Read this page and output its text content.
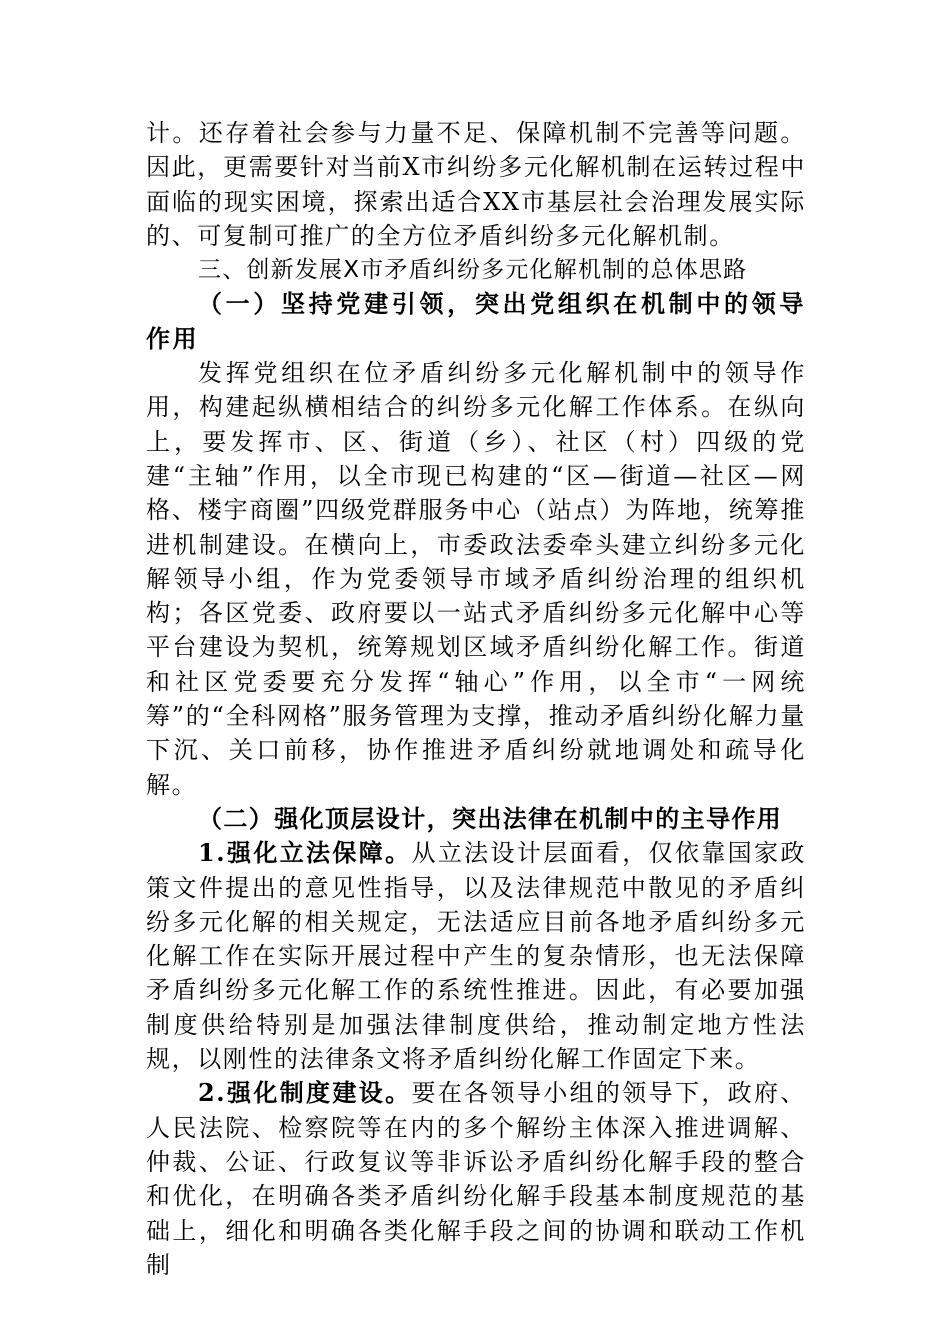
计。还存着社会参与力量不足、保障机制不完善等问题。因此，更需要针对当前X市纠纷多元化解机制在运转过程中面临的现实困境，探索出适合XX市基层社会治理发展实际的、可复制可推广的全方位矛盾纠纷多元化解机制。

三、创新发展X市矛盾纠纷多元化解机制的总体思路

（一）坚持党建引领，突出党组织在机制中的领导作用

发挥党组织在位矛盾纠纷多元化解机制中的领导作用，构建起纵横相结合的纠纷多元化解工作体系。在纵向上，要发挥市、区、街道（乡）、社区（村）四级的党建“主轴”作用，以全市现已构建的“区—街道—社区—网格、楼宇商圈”四级党群服务中心（站点）为阵地，统筹推进机制建设。在横向上，市委政法委牵头建立纠纷多元化解领导小组，作为党委领导市域矛盾纠纷治理的组织机构；各区党委、政府要以一站式矛盾纠纷多元化解中心等平台建设为契机，统筹规划区域矛盾纠纷化解工作。街道和社区党委要充分发挥“轴心”作用，以全市“一网统筹”的“全科网格”服务管理为支撑，推动矛盾纠纷化解力量下沉、关口前移，协作推进矛盾纠纷就地调处和疏导化解。

（二）强化顶层设计，突出法律在机制中的主导作用

1.强化立法保障。从立法设计层面看，仅依靠国家政策文件提出的意见性指导，以及法律规范中散见的矛盾纠纷多元化解的相关规定，无法适应目前各地矛盾纠纷多元化解工作在实际开展过程中产生的复杂情形，也无法保障矛盾纠纷多元化解工作的系统性推进。因此，有必要加强制度供给特别是加强法律制度供给，推动制定地方性法规，以刚性的法律条文将矛盾纠纷化解工作固定下来。

2.强化制度建设。要在各领导小组的领导下，政府、人民法院、检察院等在内的多个解纷主体深入推进调解、仲裁、公证、行政复议等非诉讼矛盾纠纷化解手段的整合和优化，在明确各类矛盾纠纷化解手段基本制度规范的基础上，细化和明确各类化解手段之间的协调和联动工作机制
